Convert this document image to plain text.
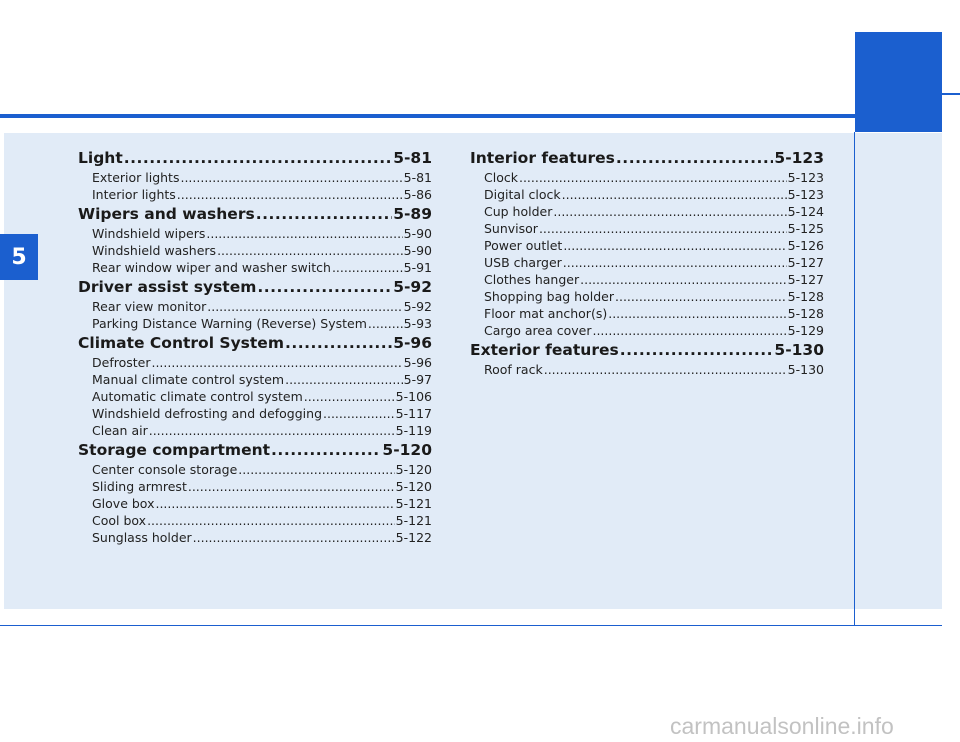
5
Light .....	5-81
Exterior lights .....	5-81
Interior lights .....	5-86
Wipers and washers .....	5-89
Windshield wipers .....	5-90
Windshield washers .....	5-90
Rear window wiper and washer switch .....	5-91
Driver assist system .....	5-92
Rear view monitor .....	5-92
Parking Distance Warning (Reverse) System .....	5-93
Climate Control System .....	5-96
Defroster .....	5-96
Manual climate control system .....	5-97
Automatic climate control system .....	5-106
Windshield defrosting and defogging .....	5-117
Clean air .....	5-119
Storage compartment .....	5-120
Center console storage .....	5-120
Sliding armrest .....	5-120
Glove box .....	5-121
Cool box .....	5-121
Sunglass holder .....	5-122
Interior features .....	5-123
Clock .....	5-123
Digital clock .....	5-123
Cup holder .....	5-124
Sunvisor .....	5-125
Power outlet .....	5-126
USB charger .....	5-127
Clothes hanger .....	5-127
Shopping bag holder .....	5-128
Floor mat anchor(s) .....	5-128
Cargo area cover .....	5-129
Exterior features .....	5-130
Roof rack .....	5-130
carmanualsonline.info
